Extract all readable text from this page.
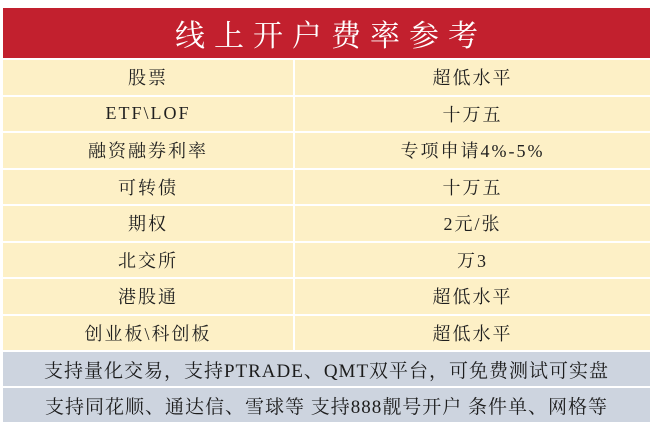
线上开户费率参考
股票	超低水平
ETF\LOF	十万五
融资融券利率	专项申请4%-5%
可转债	十万五
期权	2元/张
北交所	万3
港股通	超低水平
创业板\科创板	超低水平
支持量化交易，支持PTRADE、QMT双平台，可免费测试可实盘
支持同花顺、通达信、雪球等 支持888靓号开户 条件单、网格等
